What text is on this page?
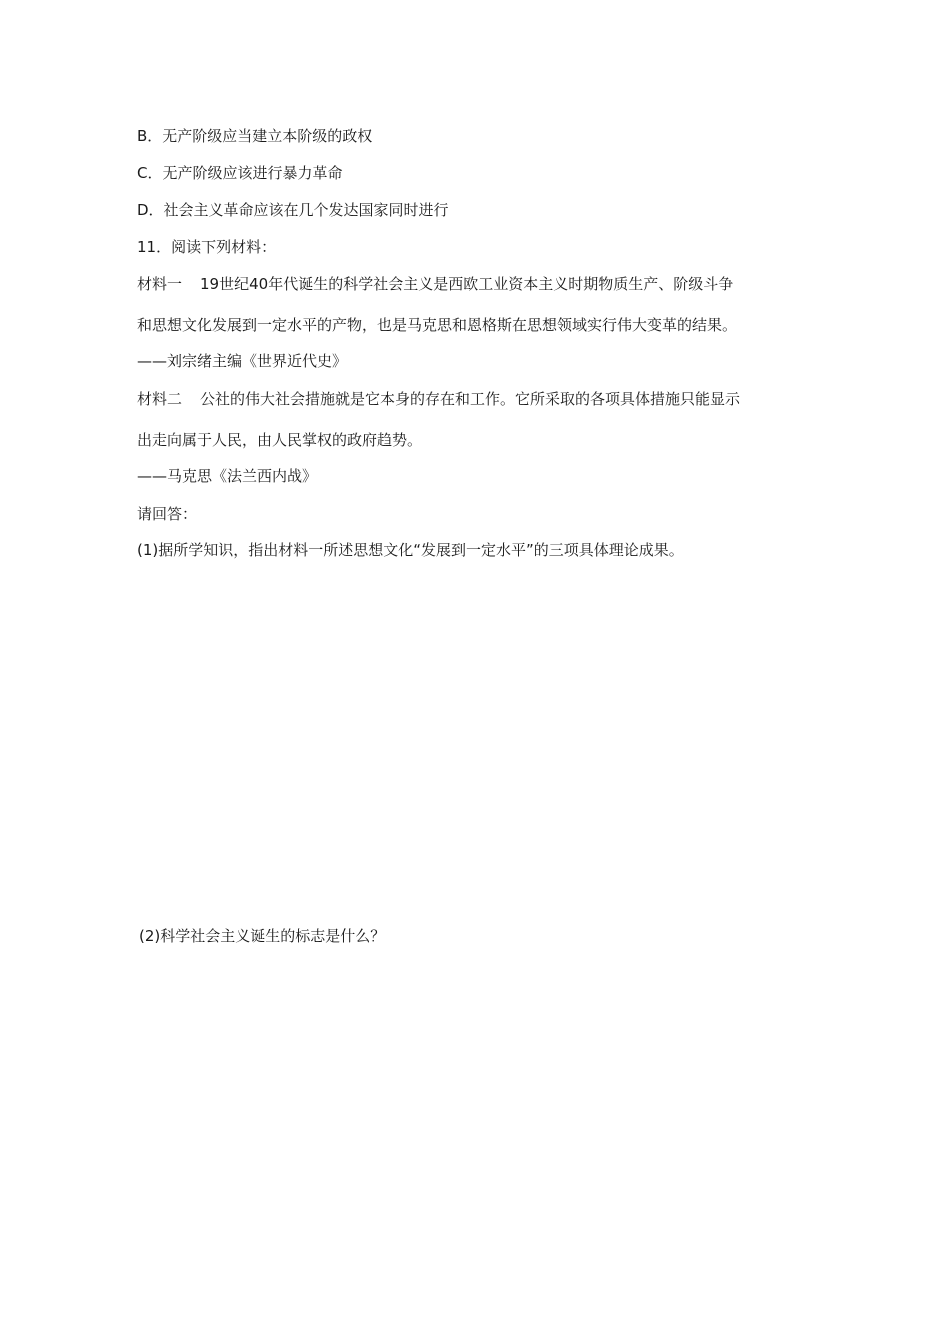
B．无产阶级应当建立本阶级的政权
C．无产阶级应该进行暴力革命
D．社会主义革命应该在几个发达国家同时进行
11．阅读下列材料：
材料一 19世纪40年代诞生的科学社会主义是西欧工业资本主义时期物质生产、阶级斗争
和思想文化发展到一定水平的产物，也是马克思和恩格斯在思想领域实行伟大变革的结果。
——刘宗绪主编《世界近代史》
材料二 公社的伟大社会措施就是它本身的存在和工作。它所采取的各项具体措施只能显示
出走向属于人民，由人民掌权的政府趋势。
——马克思《法兰西内战》
请回答：
(1)据所学知识，指出材料一所述思想文化“发展到一定水平”的三项具体理论成果。
(2)科学社会主义诞生的标志是什么？
